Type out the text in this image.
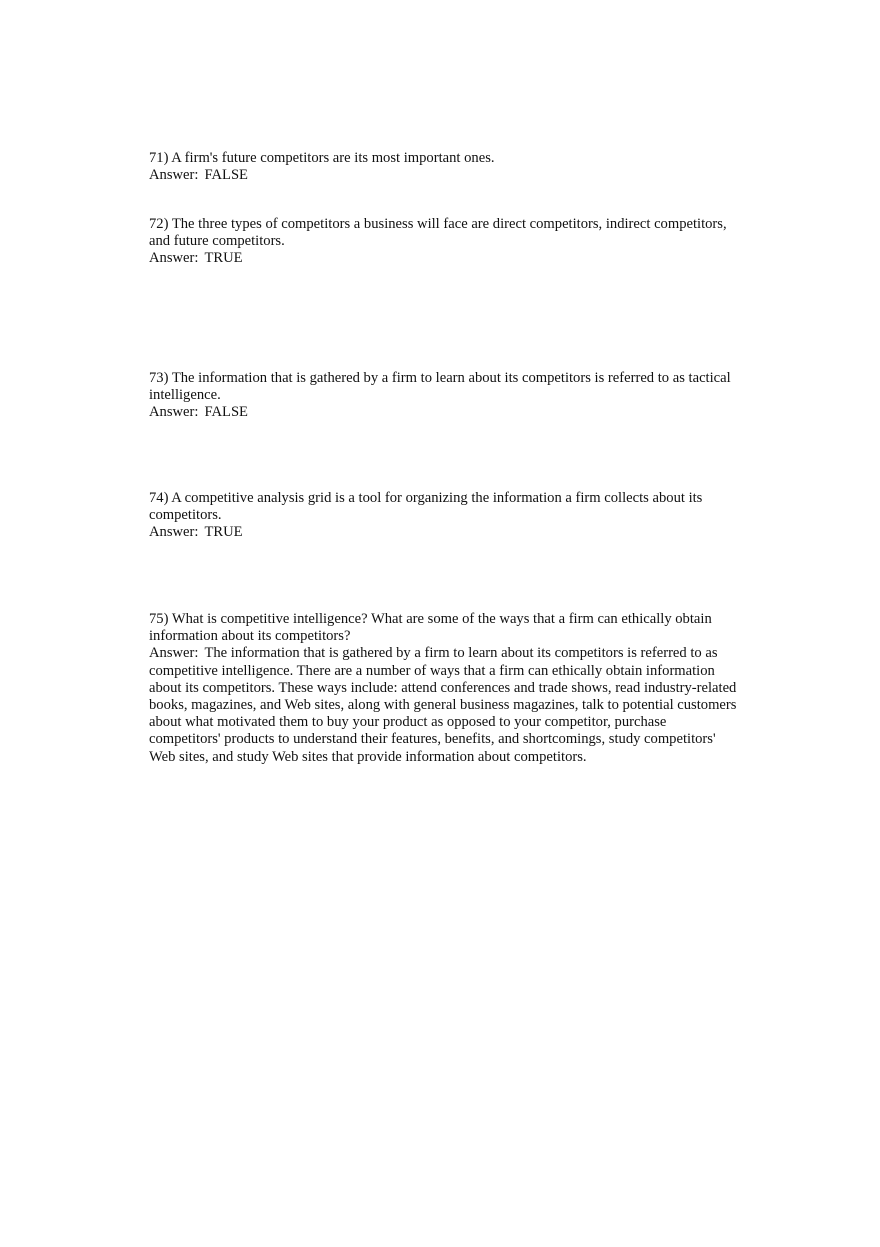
71) A firm's future competitors are its most important ones.

Answer: FALSE

72) The three types of competitors a business will face are direct competitors, indirect competitors, and future competitors.

Answer: TRUE

73) The information that is gathered by a firm to learn about its competitors is referred to as tactical intelligence.

Answer: FALSE

74) A competitive analysis grid is a tool for organizing the information a firm collects about its competitors.

Answer: TRUE

75) What is competitive intelligence? What are some of the ways that a firm can ethically obtain information about its competitors?

Answer: The information that is gathered by a firm to learn about its competitors is referred to as competitive intelligence. There are a number of ways that a firm can ethically obtain information about its competitors. These ways include: attend conferences and trade shows, read industry-related books, magazines, and Web sites, along with general business magazines, talk to potential customers about what motivated them to buy your product as opposed to your competitor, purchase competitors' products to understand their features, benefits, and shortcomings, study competitors' Web sites, and study Web sites that provide information about competitors.
